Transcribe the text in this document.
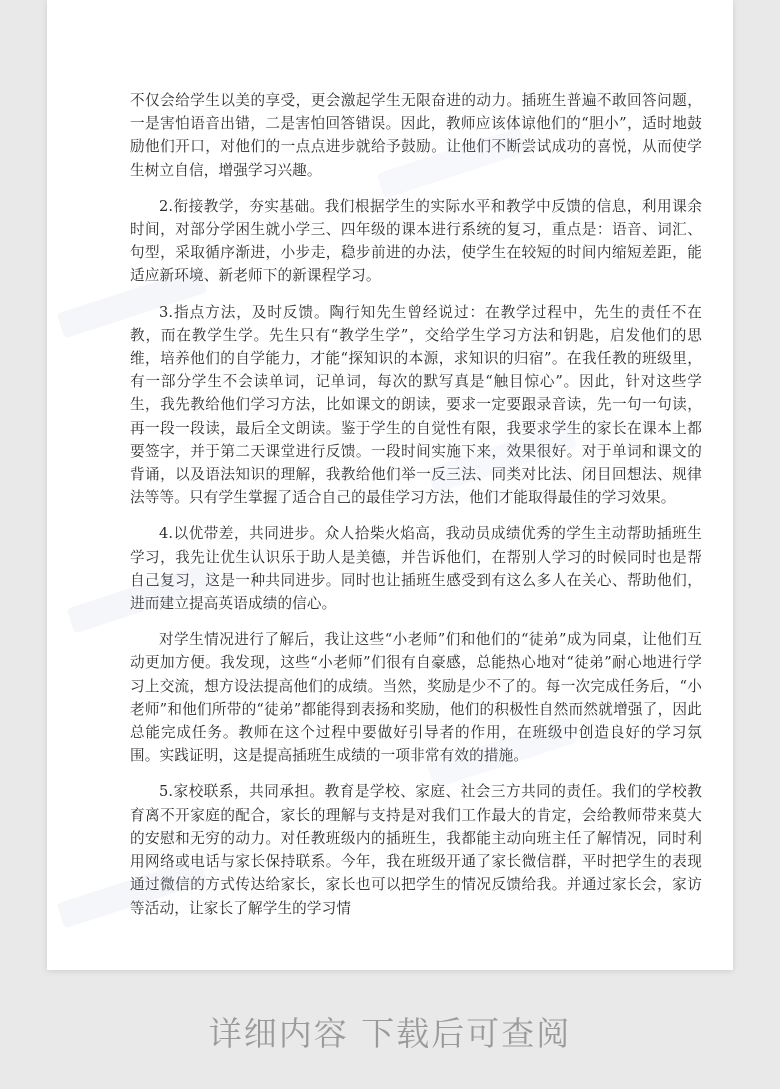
不仅会给学生以美的享受，更会激起学生无限奋进的动力。插班生普遍不敢回答问题，一是害怕语音出错，二是害怕回答错误。因此，教师应该体谅他们的“胆小”，适时地鼓励他们开口，对他们的一点点进步就给予鼓励。让他们不断尝试成功的喜悦，从而使学生树立自信，增强学习兴趣。

2.衔接教学，夯实基础。我们根据学生的实际水平和教学中反馈的信息，利用课余时间，对部分学困生就小学三、四年级的课本进行系统的复习，重点是：语音、词汇、句型，采取循序渐进，小步走，稳步前进的办法，使学生在较短的时间内缩短差距，能适应新环境、新老师下的新课程学习。

3.指点方法，及时反馈。陶行知先生曾经说过：在教学过程中，先生的责任不在教，而在教学生学。先生只有“教学生学”，交给学生学习方法和钥匙，启发他们的思维，培养他们的自学能力，才能“探知识的本源，求知识的归宿”。在我任教的班级里，有一部分学生不会读单词，记单词，每次的默写真是“触目惊心”。因此，针对这些学生，我先教给他们学习方法，比如课文的朗读，要求一定要跟录音读，先一句一句读，再一段一段读，最后全文朗读。鉴于学生的自觉性有限，我要求学生的家长在课本上都要签字，并于第二天课堂进行反馈。一段时间实施下来，效果很好。对于单词和课文的背诵，以及语法知识的理解，我教给他们举一反三法、同类对比法、闭目回想法、规律法等等。只有学生掌握了适合自己的最佳学习方法，他们才能取得最佳的学习效果。

4.以优带差，共同进步。众人拾柴火焰高，我动员成绩优秀的学生主动帮助插班生学习，我先让优生认识乐于助人是美德，并告诉他们，在帮别人学习的时候同时也是帮自己复习，这是一种共同进步。同时也让插班生感受到有这么多人在关心、帮助他们，进而建立提高英语成绩的信心。

对学生情况进行了解后，我让这些“小老师”们和他们的“徒弟”成为同桌，让他们互动更加方便。我发现，这些“小老师”们很有自豪感，总能热心地对“徒弟”耐心地进行学习上交流，想方设法提高他们的成绩。当然，奖励是少不了的。每一次完成任务后，“小老师”和他们所带的“徒弟”都能得到表扬和奖励，他们的积极性自然而然就增强了，因此总能完成任务。教师在这个过程中要做好引导者的作用，在班级中创造良好的学习氛围。实践证明，这是提高插班生成绩的一项非常有效的措施。

5.家校联系，共同承担。教育是学校、家庭、社会三方共同的责任。我们的学校教育离不开家庭的配合，家长的理解与支持是对我们工作最大的肯定，会给教师带来莫大的安慰和无穷的动力。对任教班级内的插班生，我都能主动向班主任了解情况，同时利用网络或电话与家长保持联系。今年，我在班级开通了家长微信群，平时把学生的表现通过微信的方式传达给家长，家长也可以把学生的情况反馈给我。并通过家长会，家访等活动，让家长了解学生的学习情

详细内容 下载后可查阅
